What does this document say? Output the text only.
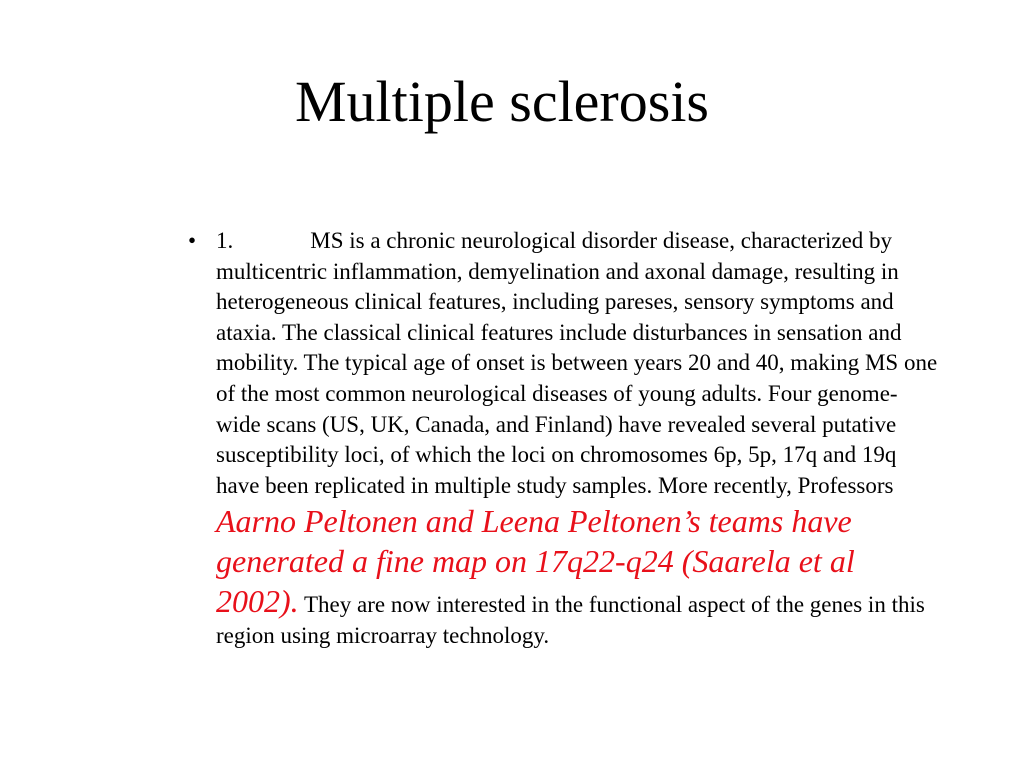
Multiple sclerosis
• 1.	MS is a chronic neurological disorder disease, characterized by multicentric inflammation, demyelination and axonal damage, resulting in heterogeneous clinical features, including pareses, sensory symptoms and ataxia. The classical clinical features include disturbances in sensation and mobility. The typical age of onset is between years 20 and 40, making MS one of the most common neurological diseases of young adults. Four genome-wide scans (US, UK, Canada, and Finland) have revealed several putative susceptibility loci, of which the loci on chromosomes 6p, 5p, 17q and 19q have been replicated in multiple study samples. More recently, Professors Aarno Peltonen and Leena Peltonen’s teams have generated a fine map on 17q22-q24 (Saarela et al 2002). They are now interested in the functional aspect of the genes in this region using microarray technology.
